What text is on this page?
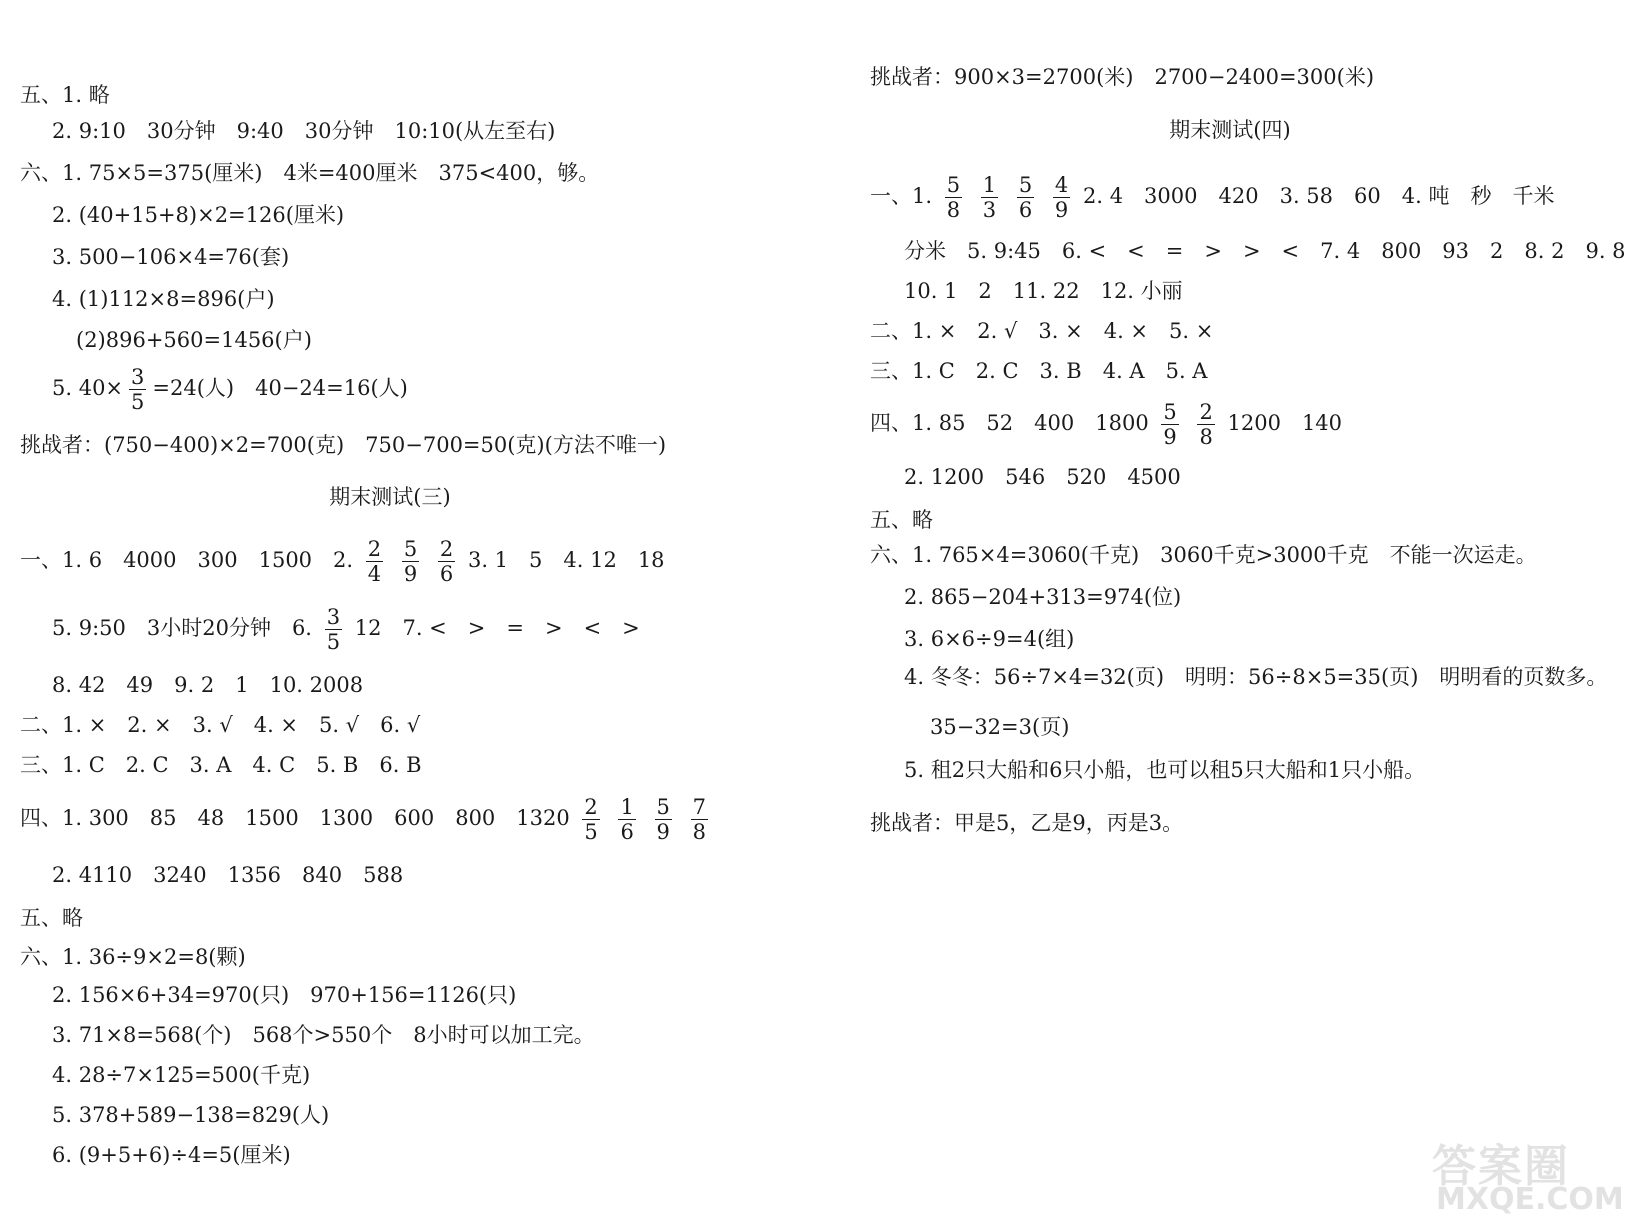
五、1. 略
2. 9:10　30分钟　9:40　30分钟　10:10(从左至右)
六、1. 75×5=375(厘米)　4米=400厘米　375<400，够。
2. (40+15+8)×2=126(厘米)
3. 500−106×4=76(套)
4. (1)112×8=896(户)
(2)896+560=1456(户)
5. $40\times \frac{3}{5} =24$(人)　40−24=16(人)
挑战者：(750−400)×2=700(克)　750−700=50(克)(方法不唯一)
期末测试(三)
一、1. 6　4000　300　1500　2. $\frac{2}{4}$
$\frac{5}{9}$
$\frac{2}{6} 3$. 1　5　4. 12　18
5. 9:50　3小时20分钟　6. $\frac{3}{5} 12$　7. <　>　=　>　<　>
8. 42　49　9. 2　1　10. 2008
二、1. ×　2. ×　3. √　4. ×　5. √　6. √
三、1. C　2. C　3. A　4. C　5. B　6. B
四、1. 300　85　48　1500　1300　600　800　$1320 \frac{2}{5}$
$\frac{1}{6}$
$\frac{5}{9}$
$\frac{7}{8}$
2. 4110　3240　1356　840　588
五、略
六、1. 36÷9×2=8(颗)
2. 156×6+34=970(只)　970+156=1126(只)
3. 71×8=568(个)　568个>550个　8小时可以加工完。
4. 28÷7×125=500(千克)
5. 378+589−138=829(人)
6. (9+5+6)÷4=5(厘米)
挑战者：900×3=2700(米)　2700−2400=300(米)
期末测试(四)
一、1. $\frac{5}{8}$
$\frac{1}{3}$
$\frac{5}{6}$
$\frac{4}{9} 2$. 4　3000　420　3. 58　60　4. 吨　秒　千米
分米　5. 9:45　6. <　<　=　>　>　<　7. 4　800　93　2　8. 2　9. 8
10. 1　2　11. 22　12. 小丽
二、1. ×　2. √　3. ×　4. ×　5. ×
三、1. C　2. C　3. B　4. A　5. A
四、1. 85　52　400　$1800 \frac{5}{9}$
$\frac{2}{8} 1200$　140
2. 1200　546　520　4500
五、略
六、1. 765×4=3060(千克)　3060千克>3000千克　不能一次运走。
2. 865−204+313=974(位)
3. 6×6÷9=4(组)
4. 冬冬：56÷7×4=32(页)　明明：56÷8×5=35(页)　明明看的页数多。
35−32=3(页)
5. 租2只大船和6只小船，也可以租5只大船和1只小船。
挑战者：甲是5，乙是9，丙是3。
答案圈
MXQE.COM
